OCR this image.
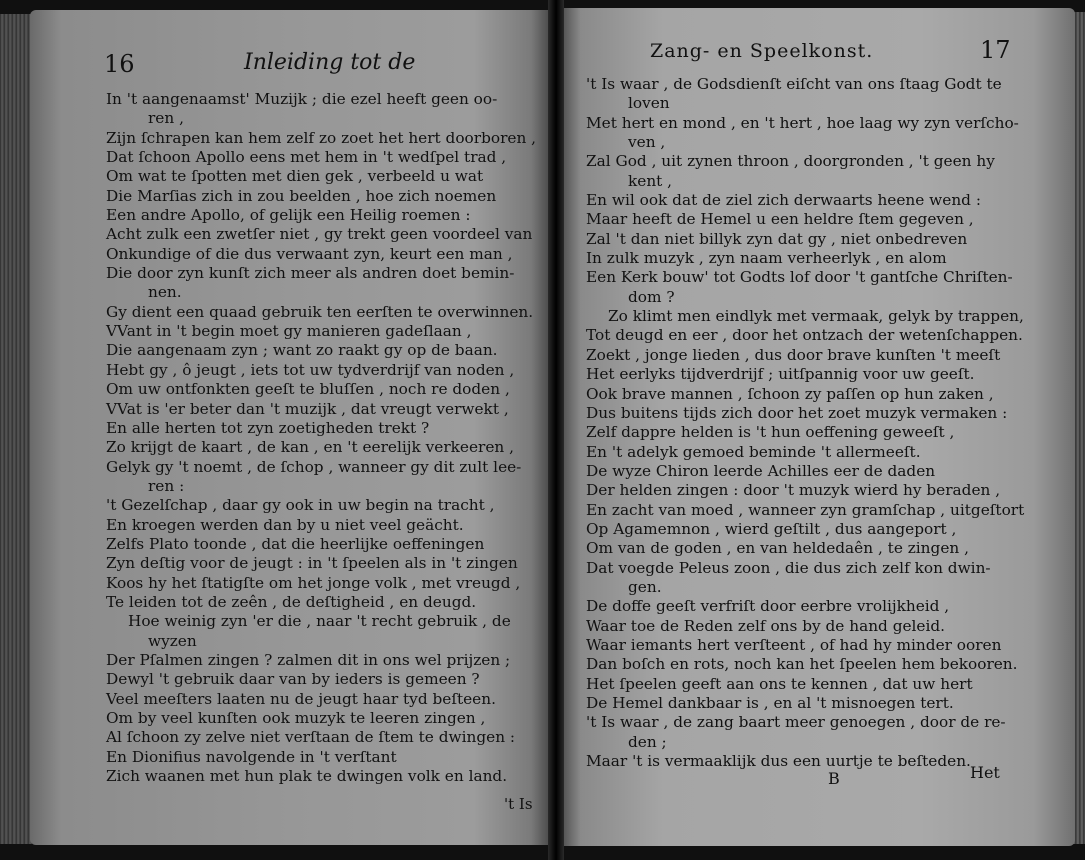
16	Inleiding tot de
In 't aangenaamst' Muzijk ; die ezel heeft geen oo-
ren ,
Zijn ſchrapen kan hem zelf zo zoet het hert doorboren ,
Dat ſchoon Apollo eens met hem in 't wedſpel trad ,
Om wat te ſpotten met dien gek , verbeeld u wat
Die Marſias zich in zou beelden , hoe zich noemen
Een andre Apollo, of gelijk een Heilig roemen :
Acht zulk een zwetſer niet , gy trekt geen voordeel van
Onkundige of die dus verwaant zyn, keurt een man ,
Die door zyn kunſt zich meer als andren doet bemin-
nen.
Gy dient een quaad gebruik ten eerſten te overwinnen.
VVant in 't begin moet gy manieren gadeſlaan ,
Die aangenaam zyn ; want zo raakt gy op de baan.
Hebt gy , ô jeugt , iets tot uw tydverdrijf van noden ,
Om uw ontfonkten geeſt te bluſſen , noch re doden ,
VVat is 'er beter dan 't muzijk , dat vreugt verwekt ,
En alle herten tot zyn zoetigheden trekt ?
Zo krijgt de kaart , de kan , en 't eerelijk verkeeren ,
Gelyk gy 't noemt , de ſchop , wanneer gy dit zult lee-
ren :
't Gezelſchap , daar gy ook in uw begin na tracht ,
En kroegen werden dan by u niet veel geächt.
Zelfs Plato toonde , dat die heerlijke oeffeningen
Zyn deſtig voor de jeugt : in 't ſpeelen als in 't zingen
Koos hy het ſtatigſte om het jonge volk , met vreugd ,
Te leiden tot de zeên , de deſtigheid , en deugd.
Hoe weinig zyn 'er die , naar 't recht gebruik , de
wyzen
Der Pſalmen zingen ? zalmen dit in ons wel prijzen ;
Dewyl 't gebruik daar van by ieders is gemeen ?
Veel meeſters laaten nu de jeugt haar tyd beſteen.
Om by veel kunſten ook muzyk te leeren zingen ,
Al ſchoon zy zelve niet verſtaan de ſtem te dwingen :
En Dionifius navolgende in 't verſtant
Zich waanen met hun plak te dwingen volk en land.
't Is
Zang- en Speelkonst.	17
't Is waar , de Godsdienſt eiſcht van ons ſtaag Godt te
loven
Met hert en mond , en 't hert , hoe laag wy zyn verſcho-
ven ,
Zal God , uit zynen throon , doorgronden , 't geen hy
kent ,
En wil ook dat de ziel zich derwaarts heene wend :
Maar heeft de Hemel u een heldre ſtem gegeven ,
Zal 't dan niet billyk zyn dat gy , niet onbedreven
In zulk muzyk , zyn naam verheerlyk , en alom
Een Kerk bouw' tot Godts lof door 't gantſche Chriſten-
dom ?
Zo klimt men eindlyk met vermaak, gelyk by trappen,
Tot deugd en eer , door het ontzach der wetenſchappen.
Zoekt , jonge lieden , dus door brave kunſten 't meeſt
Het eerlyks tijdverdrijf ; uitſpannig voor uw geeſt.
Ook brave mannen , ſchoon zy paſſen op hun zaken ,
Dus buitens tijds zich door het zoet muzyk vermaken :
Zelf dappre helden is 't hun oeffening geweeſt ,
En 't adelyk gemoed beminde 't allermeeſt.
De wyze Chiron leerde Achilles eer de daden
Der helden zingen : door 't muzyk wierd hy beraden ,
En zacht van moed , wanneer zyn gramſchap , uitgeſtort
Op Agamemnon , wierd geſtilt , dus aangeport ,
Om van de goden , en van heldedaên , te zingen ,
Dat voegde Peleus zoon , die dus zich zelf kon dwin-
gen.
De doffe geeſt verfriſt door eerbre vrolijkheid ,
Waar toe de Reden zelf ons by de hand geleid.
Waar iemants hert verſteent , of had hy minder ooren
Dan boſch en rots, noch kan het ſpeelen hem bekooren.
Het ſpeelen geeft aan ons te kennen , dat uw hert
De Hemel dankbaar is , en al 't misnoegen tert.
't Is waar , de zang baart meer genoegen , door de re-
den ;
Maar 't is vermaaklijk dus een uurtje te beſteden.
B	Het
